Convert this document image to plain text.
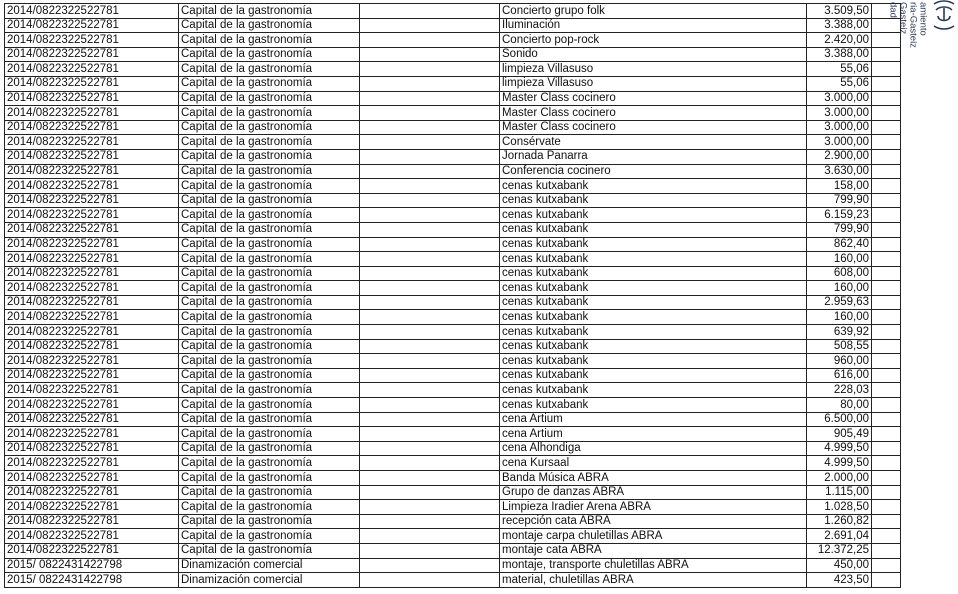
2014/0822322522781	Capital de la gastronomía		Concierto grupo folk	3.509,50	
2014/0822322522781	Capital de la gastronomía		Iluminación	3.388,00	
2014/0822322522781	Capital de la gastronomía		Concierto pop-rock	2.420,00	
2014/0822322522781	Capital de la gastronomía		Sonido	3.388,00	
2014/0822322522781	Capital de la gastronomía		limpieza Villasuso	55,06	
2014/0822322522781	Capital de la gastronomía		limpieza Villasuso	55,06	
2014/0822322522781	Capital de la gastronomía		Master Class cocinero	3.000,00	
2014/0822322522781	Capital de la gastronomía		Master Class cocinero	3.000,00	
2014/0822322522781	Capital de la gastronomía		Master Class cocinero	3.000,00	
2014/0822322522781	Capital de la gastronomía		Consérvate	3.000,00	
2014/0822322522781	Capital de la gastronomía		Jornada Panarra	2.900,00	
2014/0822322522781	Capital de la gastronomía		Conferencia cocinero	3.630,00	
2014/0822322522781	Capital de la gastronomía		cenas kutxabank	158,00	
2014/0822322522781	Capital de la gastronomía		cenas kutxabank	799,90	
2014/0822322522781	Capital de la gastronomía		cenas kutxabank	6.159,23	
2014/0822322522781	Capital de la gastronomía		cenas kutxabank	799,90	
2014/0822322522781	Capital de la gastronomía		cenas kutxabank	862,40	
2014/0822322522781	Capital de la gastronomía		cenas kutxabank	160,00	
2014/0822322522781	Capital de la gastronomía		cenas kutxabank	608,00	
2014/0822322522781	Capital de la gastronomía		cenas kutxabank	160,00	
2014/0822322522781	Capital de la gastronomía		cenas kutxabank	2.959,63	
2014/0822322522781	Capital de la gastronomía		cenas kutxabank	160,00	
2014/0822322522781	Capital de la gastronomía		cenas kutxabank	639,92	
2014/0822322522781	Capital de la gastronomía		cenas kutxabank	508,55	
2014/0822322522781	Capital de la gastronomía		cenas kutxabank	960,00	
2014/0822322522781	Capital de la gastronomía		cenas kutxabank	616,00	
2014/0822322522781	Capital de la gastronomía		cenas kutxabank	228,03	
2014/0822322522781	Capital de la gastronomía		cenas kutxabank	80,00	
2014/0822322522781	Capital de la gastronomía		cena Artium	6.500,00	
2014/0822322522781	Capital de la gastronomía		cena Artium	905,49	
2014/0822322522781	Capital de la gastronomía		cena Alhondiga	4.999,50	
2014/0822322522781	Capital de la gastronomía		cena Kursaal	4.999,50	
2014/0822322522781	Capital de la gastronomía		Banda Música ABRA	2.000,00	
2014/0822322522781	Capital de la gastronomía		Grupo de danzas ABRA	1.115,00	
2014/0822322522781	Capital de la gastronomía		Limpieza Iradier Arena ABRA	1.028,50	
2014/0822322522781	Capital de la gastronomía		recepción cata ABRA	1.260,82	
2014/0822322522781	Capital de la gastronomía		montaje carpa chuletillas ABRA	2.691,04	
2014/0822322522781	Capital de la gastronomía		montaje cata ABRA	12.372,25	
2015/ 0822431422798	Dinamización comercial		montaje, transporte chuletillas ABRA	450,00	
2015/ 0822431422798	Dinamización comercial		material, chuletillas ABRA	423,50	
dad Gasteiz ria-Gasteiz amiento
